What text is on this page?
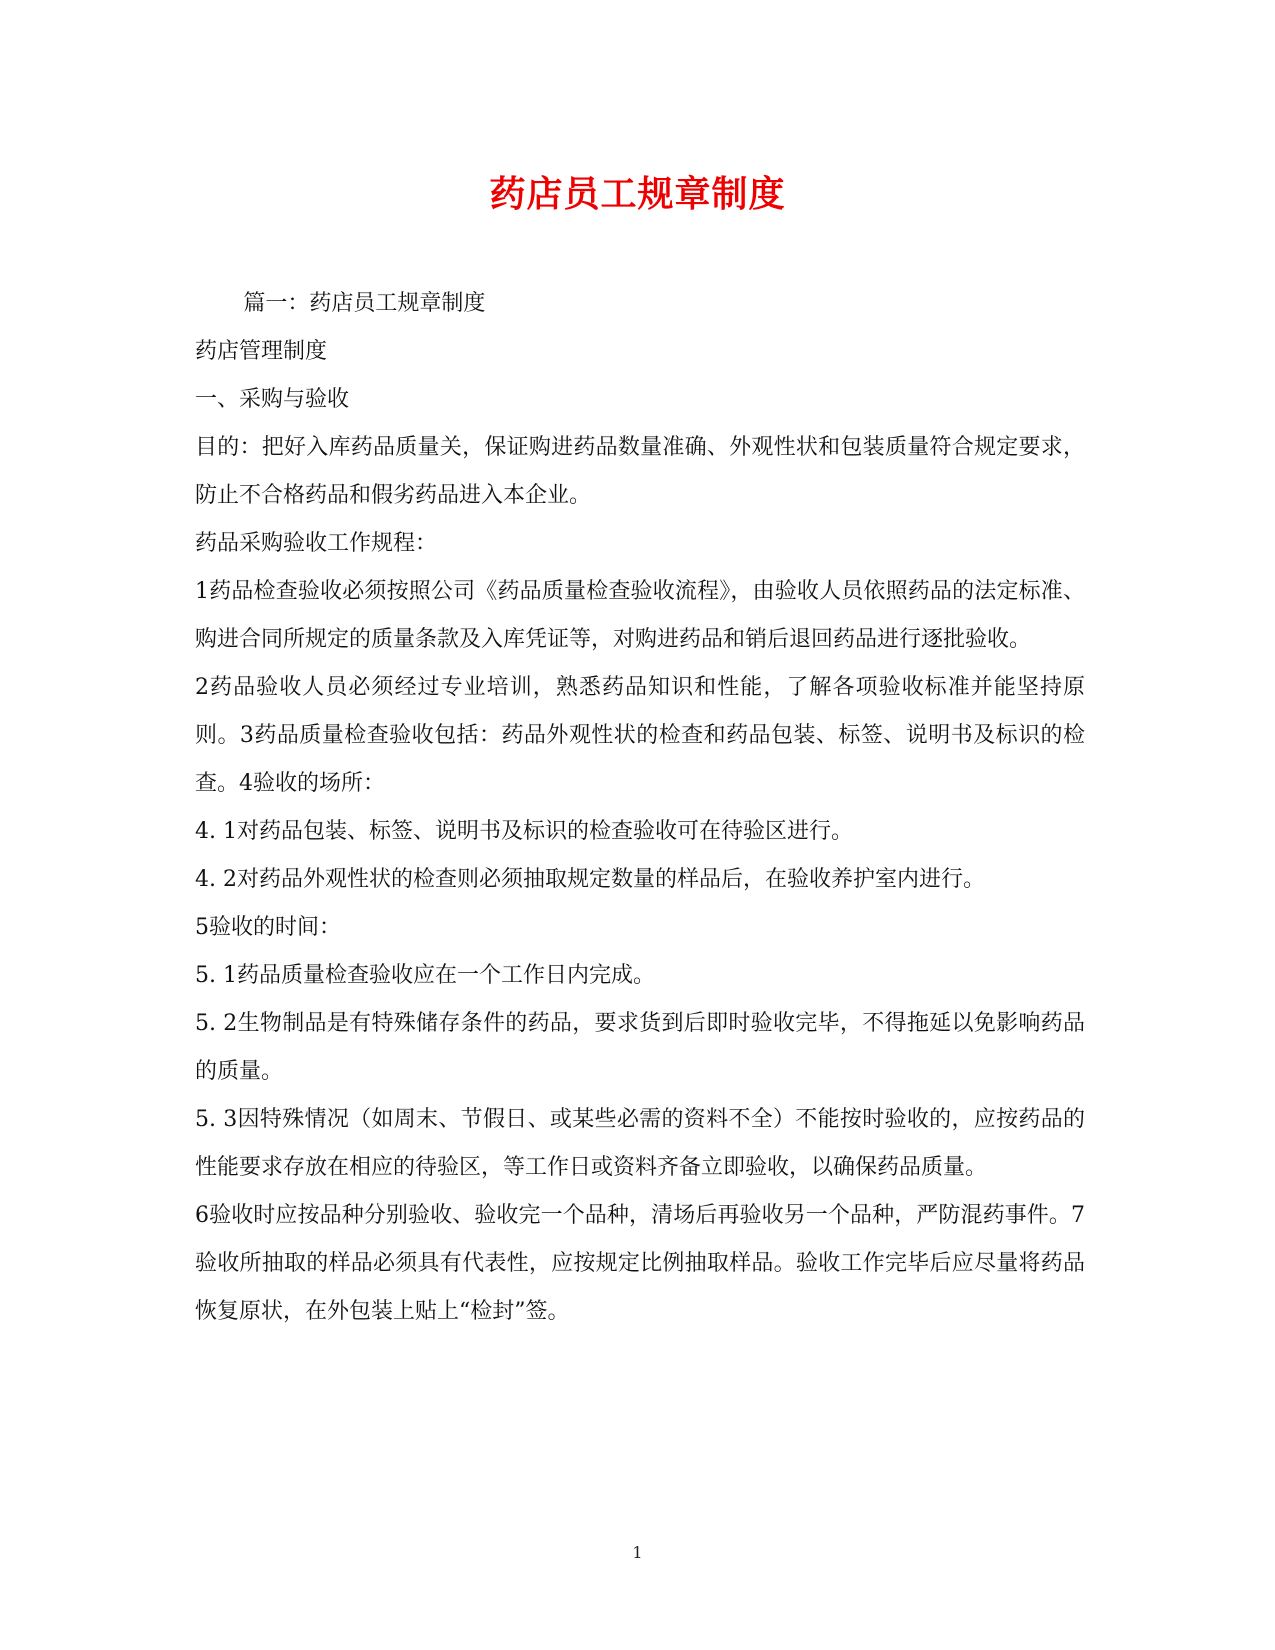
药店员工规章制度

篇一：药店员工规章制度

药店管理制度

一、采购与验收

目的：把好入库药品质量关，保证购进药品数量准确、外观性状和包装质量符合规定要求，防止不合格药品和假劣药品进入本企业。

药品采购验收工作规程：

1药品检查验收必须按照公司《药品质量检查验收流程》，由验收人员依照药品的法定标准、购进合同所规定的质量条款及入库凭证等，对购进药品和销后退回药品进行逐批验收。

2药品验收人员必须经过专业培训，熟悉药品知识和性能，了解各项验收标准并能坚持原则。3药品质量检查验收包括：药品外观性状的检查和药品包装、标签、说明书及标识的检查。4验收的场所：

4. 1对药品包装、标签、说明书及标识的检查验收可在待验区进行。

4. 2对药品外观性状的检查则必须抽取规定数量的样品后，在验收养护室内进行。

5验收的时间：

5. 1药品质量检查验收应在一个工作日内完成。

5. 2生物制品是有特殊储存条件的药品，要求货到后即时验收完毕，不得拖延以免影响药品的质量。

5. 3因特殊情况（如周末、节假日、或某些必需的资料不全）不能按时验收的，应按药品的性能要求存放在相应的待验区，等工作日或资料齐备立即验收，以确保药品质量。

6验收时应按品种分别验收、验收完一个品种，清场后再验收另一个品种，严防混药事件。7验收所抽取的样品必须具有代表性，应按规定比例抽取样品。验收工作完毕后应尽量将药品恢复原状，在外包装上贴上“检封”签。

1
